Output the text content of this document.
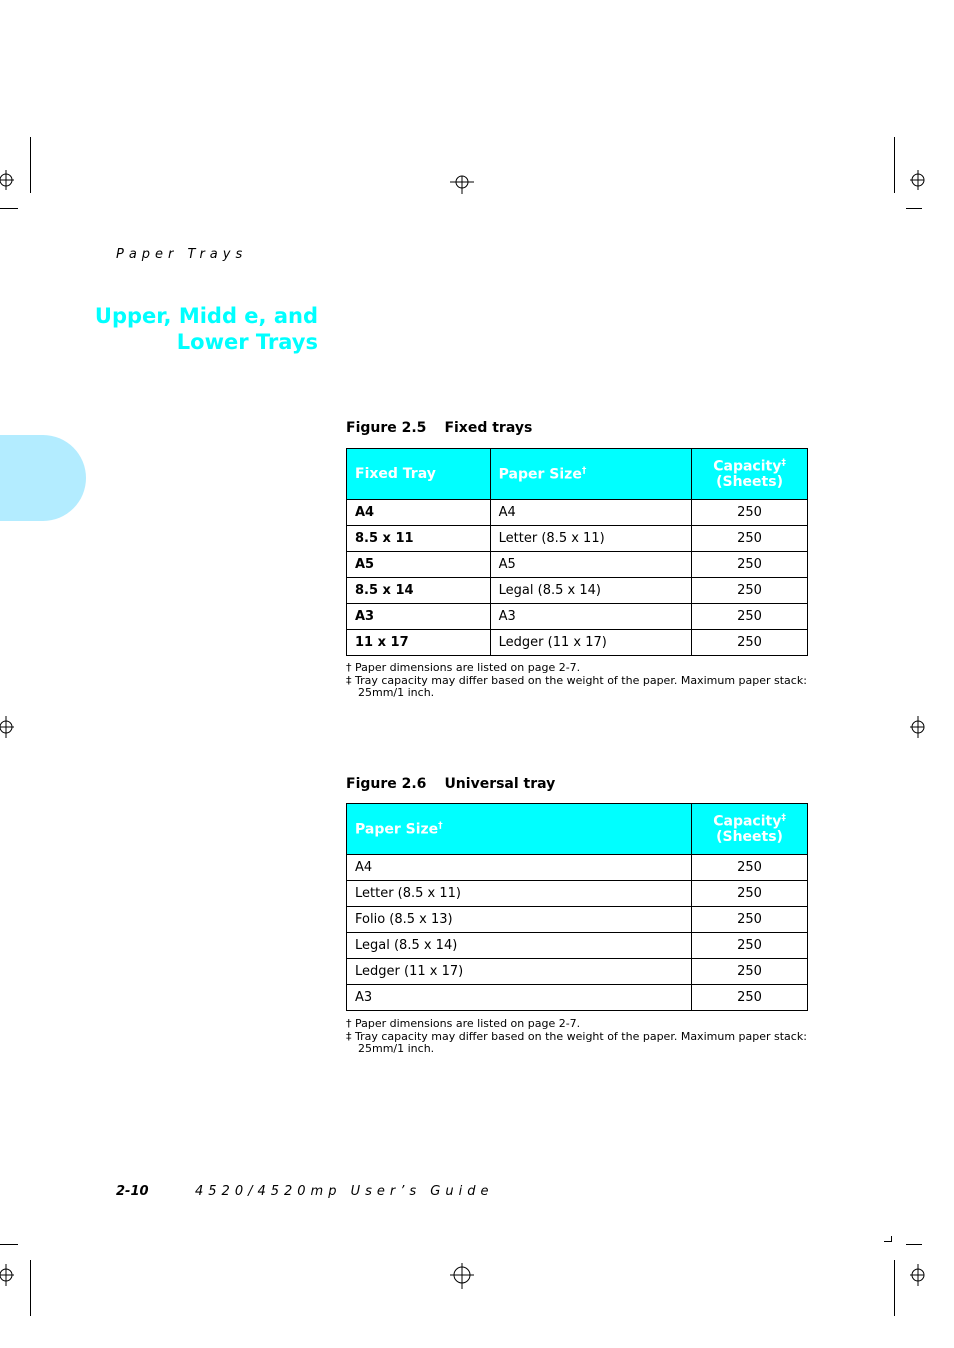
Paper Trays
Upper, Midd e, and
Lower Trays
Figure 2.5 Fixed trays
Fixed Tray	Paper Size†	Capacity‡
(Sheets)
A4	A4	250
8.5 x 11	Letter (8.5 x 11)	250
A5	A5	250
8.5 x 14	Legal (8.5 x 14)	250
A3	A3	250
11 x 17	Ledger (11 x 17)	250
† Paper dimensions are listed on page 2-7.
‡ Tray capacity may differ based on the weight of the paper. Maximum paper stack: 25mm/1 inch.
Figure 2.6 Universal tray
Paper Size†	Capacity‡
(Sheets)
A4	250
Letter (8.5 x 11)	250
Folio (8.5 x 13)	250
Legal (8.5 x 14)	250
Ledger (11 x 17)	250
A3	250
† Paper dimensions are listed on page 2-7.
‡ Tray capacity may differ based on the weight of the paper. Maximum paper stack: 25mm/1 inch.
2-10	4520/4520mp User’s Guide
